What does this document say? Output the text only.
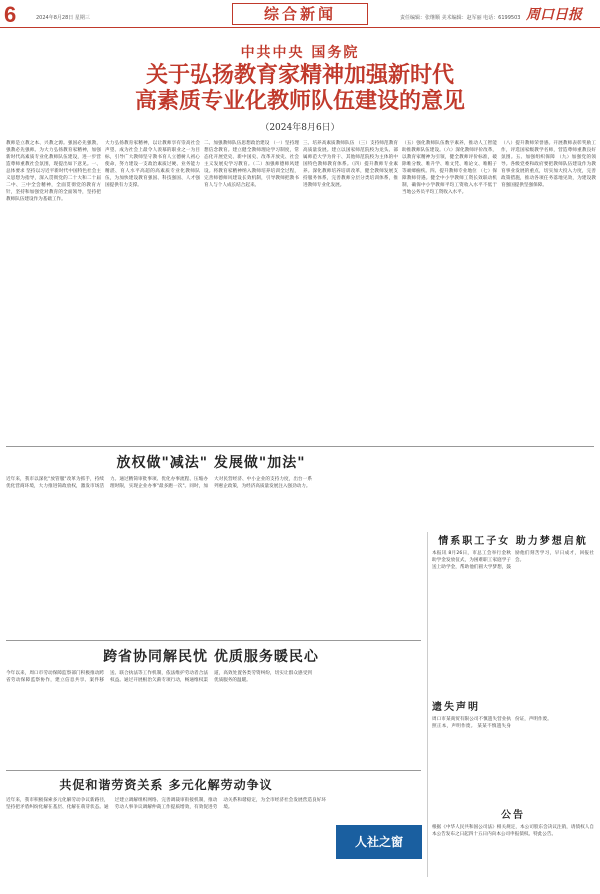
6	2024年8月28日 星期三	综合新闻	责任编辑：张继顺 美术编辑：赵军丽 电话：6199503 周口日报
中共中央 国务院
关于弘扬教育家精神加强新时代
高素质专业化教师队伍建设的意见
（2024年8月6日）
教师是立教之本、兴教之源。强国必先强教，强教必先强师。为大力弘扬教育家精神，加强新时代高素质专业化教师队伍建设，进一步营造尊师重教社会氛围，现提出如下意见。一、总体要求 坚持以习近平新时代中国特色社会主义思想为指导，深入贯彻党的二十大和二十届二中、三中全会精神，全面贯彻党的教育方针，坚持和加强党对教育的全面领导，坚持把教师队伍建设作为基础工作。
大力弘扬教育家精神，以让教师享有崇高社会声望、成为社会上最令人羡慕的职业之一为目标，引导广大教师坚守教书育人立德树人初心使命，努力建设一支政治素质过硬、业务能力精湛、育人水平高超的高素质专业化教师队伍，为加快建设教育强国、科技强国、人才强国提供有力支撑。
二、加强教师队伍思想政治建设 （一）坚持理想信念教育。建立健全教师理论学习制度，常态化开展党史、新中国史、改革开放史、社会主义发展史学习教育。（二）加强师德师风建设。将教育家精神纳入教师培养培训全过程，完善师德师风建设长效机制，引导教师把教书育人与个人成长结合起来。
三、培养高素质教师队伍 （三）支持师范教育高质量发展。建立以国家师范院校为龙头、部属师范大学为骨干、其他师范院校为主体的中国特色教师教育体系。（四）提升教师专业素养。深化教师培养培训改革，健全教师发展支持服务体系，完善教师分层分类培训体系，推进教师专业化发展。
（五）强化教师队伍数字素养，推动人工智能助推教师队伍建设。（六）深化教师评价改革，以教育家精神为引领，健全教师评价标准，破除唯分数、唯升学、唯文凭、唯论文、唯帽子等顽瘴痼疾。四、提升教师专业地位 （七）保障教师待遇。健全中小学教师工资长效联动机制，确保中小学教师平均工资收入水平不低于当地公务员平均工资收入水平。
（八）提升教师荣誉感。开展教师表彰奖励工作，评选国家级教学名师，营造尊师重教良好氛围。五、加强组织保障 （九）加强党的领导。各级党委和政府要把教师队伍建设作为教育事业发展的重点，切实加大投入力度，完善政策措施，推动各项任务落地见效，为建设教育强国提供坚强保障。
放权做"减法" 发展做"加法"

近年来，我市以深化"放管服"改革为抓手，持续优化营商环境，大力推进简政放权，激发市场活力。通过精简审批事项、优化办事流程、压缩办理时限，实现企业办事"最多跑一次"。同时，加大对民营经济、中小企业的支持力度，出台一系列惠企政策，为经济高质量发展注入强劲动力。

跨省协同解民忧 优质服务暖民心

今年以来，周口市劳动保障监察部门积极推动跨省劳动保障监察协作，建立信息共享、案件移送、联合执法等工作机制，依法维护劳动者合法权益。通过开展根治欠薪专项行动，畅通维权渠道，高效处置各类劳资纠纷，切实让群众感受到优质服务的温暖。

共促和谐劳资关系 多元化解劳动争议

近年来，我市积极探索多元化解劳动争议新路径，坚持把矛盾纠纷化解在基层、化解在萌芽状态。通过建立调解组织网络、完善调裁审衔接机制，推动劳动人事争议调解仲裁工作提质增效，有效促进劳动关系和谐稳定，为全市经济社会发展营造良好环境。

人社之窗
情系职工子女 助力梦想启航

本报讯 8月26日，市总工会举行金秋助学金发放仪式，为困难职工家庭学子送上助学金，帮助他们圆大学梦想，鼓励他们刻苦学习，早日成才，回报社会。

遗失声明

周口市某商贸有限公司不慎遗失营业执照正本，声明作废。 某某不慎遗失身份证，声明作废。

公告

根据《中华人民共和国公司法》相关规定，本公司股东会决议注销，请债权人自本公告发布之日起四十五日内向本公司申报债权。特此公告。
